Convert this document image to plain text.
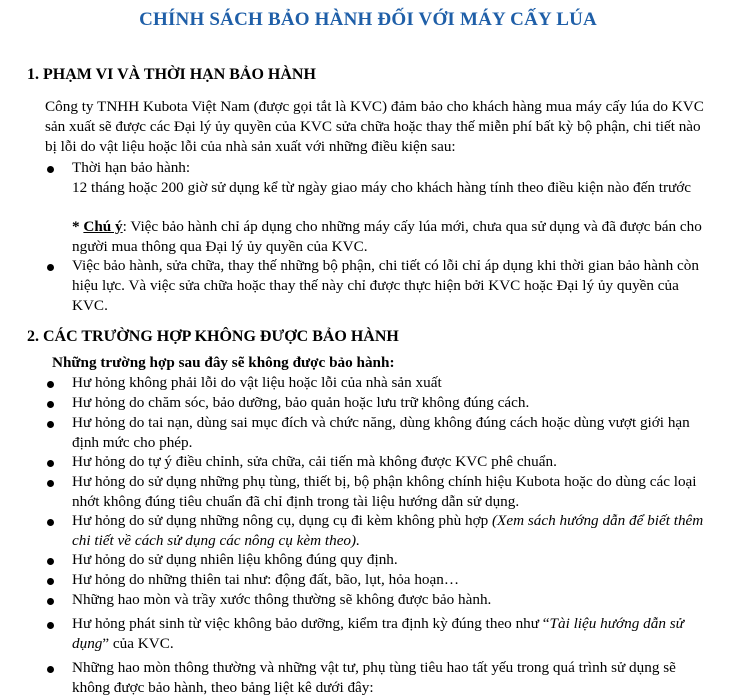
CHÍNH SÁCH BẢO HÀNH ĐỐI VỚI MÁY CẤY LÚA
1. PHẠM VI VÀ THỜI HẠN BẢO HÀNH
Công ty TNHH Kubota Việt Nam (được gọi tắt là KVC) đảm bảo cho khách hàng mua máy cấy lúa do KVC sản xuất sẽ được các Đại lý ủy quyền của KVC sửa chữa hoặc thay thế miễn phí bất kỳ bộ phận, chi tiết nào bị lỗi do vật liệu hoặc lỗi của nhà sản xuất với những điều kiện sau:
Thời hạn bảo hành:
12 tháng hoặc 200 giờ sử dụng kể từ ngày giao máy cho khách hàng tính theo điều kiện nào đến trước
* Chú ý: Việc bảo hành chỉ áp dụng cho những máy cấy lúa mới, chưa qua sử dụng và đã được bán cho người mua thông qua Đại lý ủy quyền của KVC.
Việc bảo hành, sửa chữa, thay thế những bộ phận, chi tiết có lỗi chỉ áp dụng khi thời gian bảo hành còn hiệu lực. Và việc sửa chữa hoặc thay thế này chỉ được thực hiện bởi KVC hoặc Đại lý ủy quyền của KVC.
2. CÁC TRƯỜNG HỢP KHÔNG ĐƯỢC BẢO HÀNH
Những trường hợp sau đây sẽ không được bảo hành:
Hư hỏng không phải lỗi do vật liệu hoặc lỗi của nhà sản xuất
Hư hỏng do chăm sóc, bảo dưỡng, bảo quản hoặc lưu trữ không đúng cách.
Hư hỏng do tai nạn, dùng sai mục đích và chức năng, dùng không đúng cách hoặc dùng vượt giới hạn định mức cho phép.
Hư hỏng do tự ý điều chỉnh, sửa chữa, cải tiến mà không được KVC phê chuẩn.
Hư hỏng do sử dụng những phụ tùng, thiết bị, bộ phận không chính hiệu Kubota hoặc do dùng các loại nhớt không đúng tiêu chuẩn đã chỉ định trong tài liệu hướng dẫn sử dụng.
Hư hỏng do sử dụng những nông cụ, dụng cụ đi kèm không phù hợp (Xem sách hướng dẫn để biết thêm chi tiết về cách sử dụng các nông cụ kèm theo).
Hư hỏng do sử dụng nhiên liệu không đúng quy định.
Hư hỏng do những thiên tai như: động đất, bão, lụt, hỏa hoạn…
Những hao mòn và trầy xước thông thường sẽ không được bảo hành.
Hư hỏng phát sinh từ việc không bảo dưỡng, kiểm tra định kỳ đúng theo như “Tài liệu hướng dẫn sử dụng” của KVC.
Những hao mòn thông thường và những vật tư, phụ tùng tiêu hao tất yếu trong quá trình sử dụng sẽ không được bảo hành, theo bảng liệt kê dưới đây:
